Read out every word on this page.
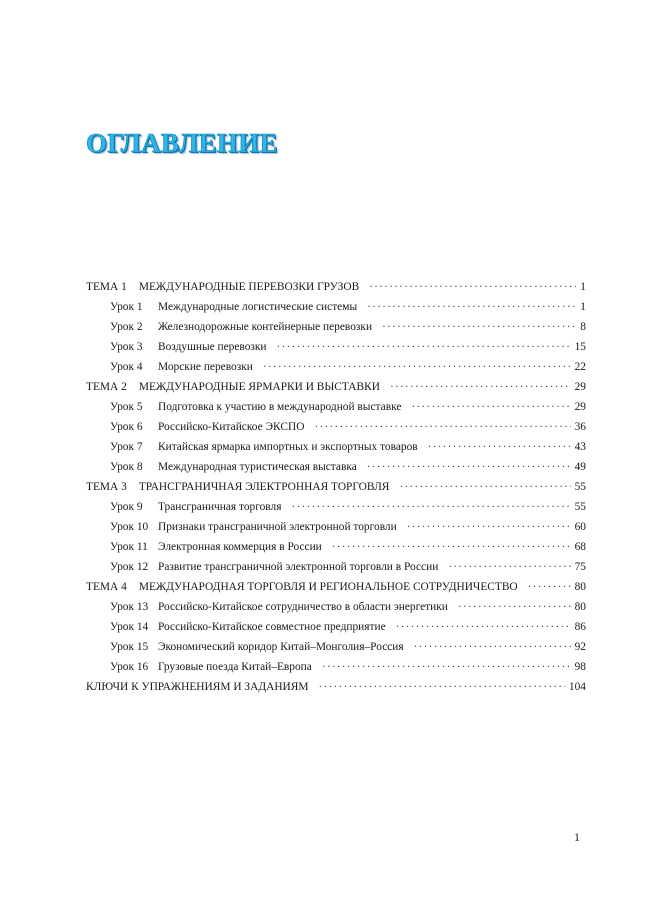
ОГЛАВЛЕНИЕ
ТЕМА 1 МЕЖДУНАРОДНЫЕ ПЕРЕВОЗКИ ГРУЗОВ ·····	1
Урок 1 Международные логистические системы ·····	1
Урок 2 Железнодорожные контейнерные перевозки ·····	8
Урок 3 Воздушные перевозки ·····	15
Урок 4 Морские перевозки ·····	22
ТЕМА 2 МЕЖДУНАРОДНЫЕ ЯРМАРКИ И ВЫСТАВКИ ·····	29
Урок 5 Подготовка к участию в международной выставке ·····	29
Урок 6 Российско-Китайское ЭКСПО ·····	36
Урок 7 Китайская ярмарка импортных и экспортных товаров ·····	43
Урок 8 Международная туристическая выставка ·····	49
ТЕМА 3 ТРАНСГРАНИЧНАЯ ЭЛЕКТРОННАЯ ТОРГОВЛЯ ·····	55
Урок 9 Трансграничная торговля ·····	55
Урок 10 Признаки трансграничной электронной торговли ·····	60
Урок 11 Электронная коммерция в России ·····	68
Урок 12 Развитие трансграничной электронной торговли в России ·····	75
ТЕМА 4 МЕЖДУНАРОДНАЯ ТОРГОВЛЯ И РЕГИОНАЛЬНОЕ СОТРУДНИЧЕСТВО ·····	80
Урок 13 Российско-Китайское сотрудничество в области энергетики ·····	80
Урок 14 Российско-Китайское совместное предприятие ·····	86
Урок 15 Экономический коридор Китай–Монголия–Россия ·····	92
Урок 16 Грузовые поезда Китай–Европа ·····	98
КЛЮЧИ К УПРАЖНЕНИЯМ И ЗАДАНИЯМ ·····	104
1
